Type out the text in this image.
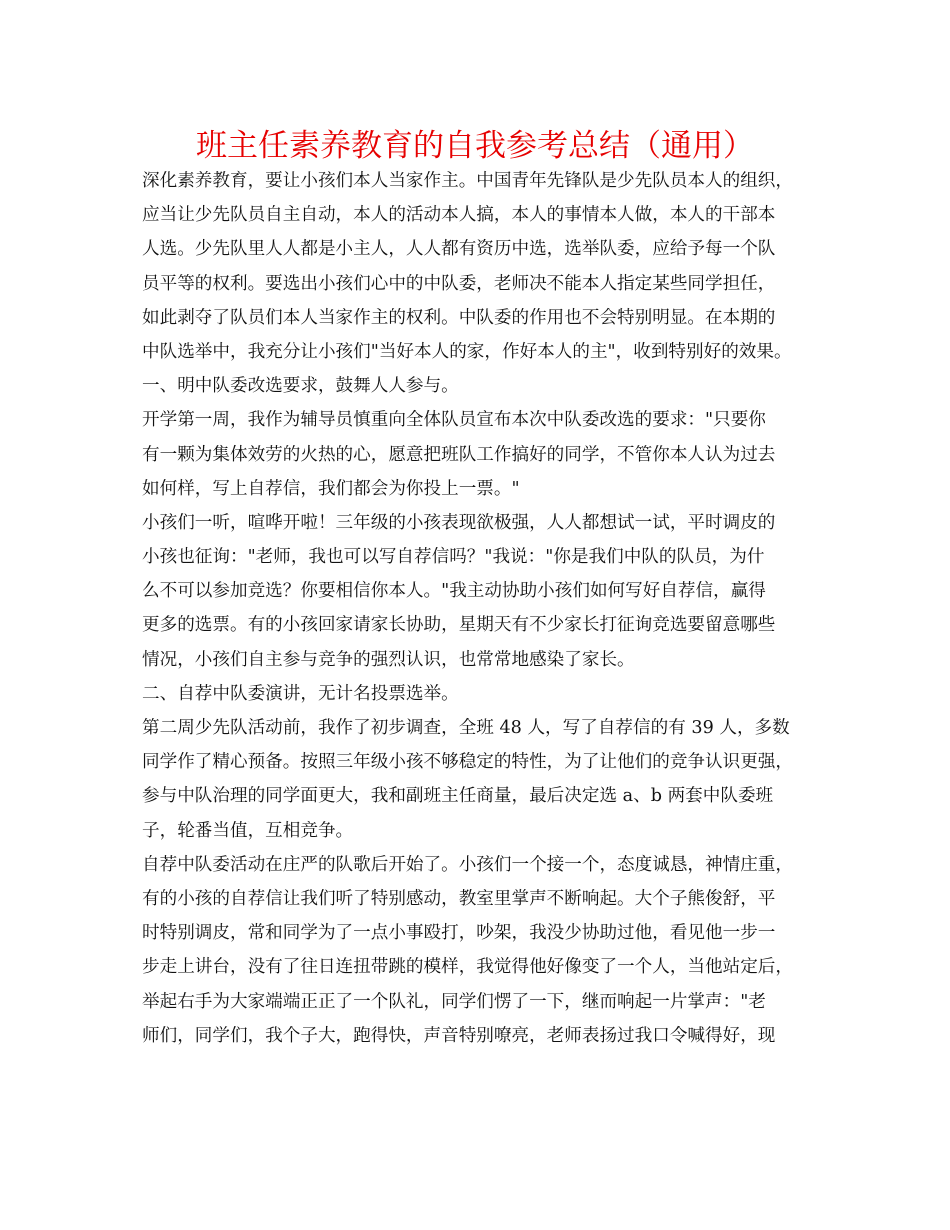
班主任素养教育的自我参考总结（通用）
深化素养教育，要让小孩们本人当家作主。中国青年先锋队是少先队员本人的组织，
应当让少先队员自主自动，本人的活动本人搞，本人的事情本人做，本人的干部本
人选。少先队里人人都是小主人，人人都有资历中选，选举队委，应给予每一个队
员平等的权利。要选出小孩们心中的中队委，老师决不能本人指定某些同学担任，
如此剥夺了队员们本人当家作主的权利。中队委的作用也不会特别明显。在本期的
中队选举中，我充分让小孩们"当好本人的家，作好本人的主"，收到特别好的效果。
一、明中队委改选要求，鼓舞人人参与。
开学第一周，我作为辅导员慎重向全体队员宣布本次中队委改选的要求："只要你
有一颗为集体效劳的火热的心，愿意把班队工作搞好的同学，不管你本人认为过去
如何样，写上自荐信，我们都会为你投上一票。"
小孩们一听，喧哗开啦！三年级的小孩表现欲极强，人人都想试一试，平时调皮的
小孩也征询："老师，我也可以写自荐信吗？"我说："你是我们中队的队员，为什
么不可以参加竞选？你要相信你本人。"我主动协助小孩们如何写好自荐信，赢得
更多的选票。有的小孩回家请家长协助，星期天有不少家长打征询竞选要留意哪些
情况，小孩们自主参与竞争的强烈认识，也常常地感染了家长。
二、自荐中队委演讲，无计名投票选举。
第二周少先队活动前，我作了初步调查，全班 48 人，写了自荐信的有 39 人，多数
同学作了精心预备。按照三年级小孩不够稳定的特性，为了让他们的竞争认识更强，
参与中队治理的同学面更大，我和副班主任商量，最后决定选 a、b 两套中队委班
子，轮番当值，互相竞争。
自荐中队委活动在庄严的队歌后开始了。小孩们一个接一个，态度诚恳，神情庄重，
有的小孩的自荐信让我们听了特别感动，教室里掌声不断响起。大个子熊俊舒，平
时特别调皮，常和同学为了一点小事殴打，吵架，我没少协助过他，看见他一步一
步走上讲台，没有了往日连扭带跳的模样，我觉得他好像变了一个人，当他站定后，
举起右手为大家端端正正了一个队礼，同学们愣了一下，继而响起一片掌声："老
师们，同学们，我个子大，跑得快，声音特别嘹亮，老师表扬过我口令喊得好，现
